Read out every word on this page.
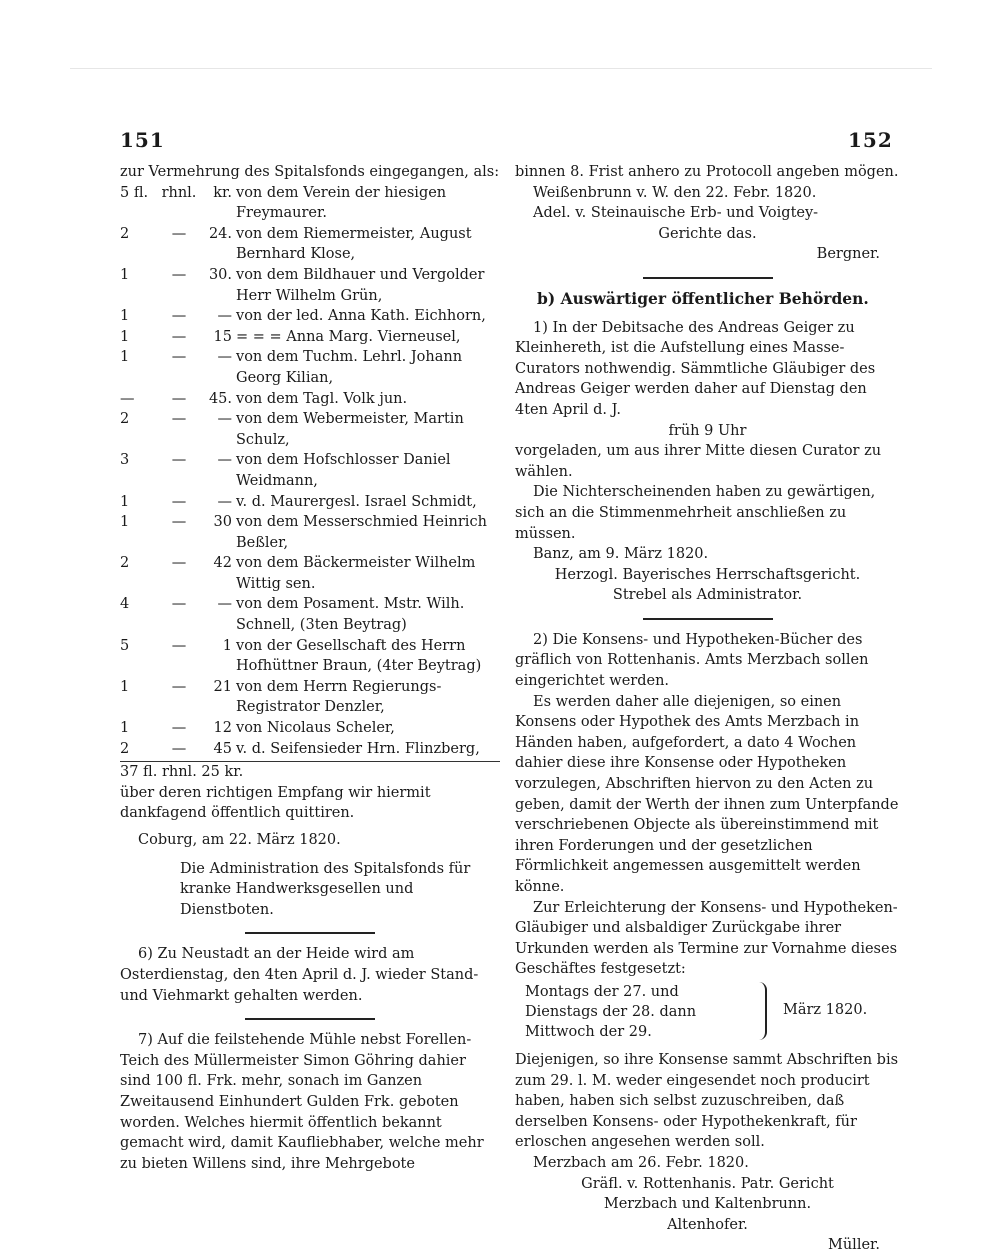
151	152

zur Vermehrung des Spitalsfonds eingegangen, als:

5 fl.	rhnl.	kr.	von dem Verein der hiesigen Freymaurer.
2	—	24.	von dem Riemermeister, August Bernhard Klose,
1	—	30.	von dem Bildhauer und Vergolder Herr Wilhelm Grün,
1	—	—	von der led. Anna Kath. Eichhorn,
1	—	15	= = = Anna Marg. Vierneusel,
1	—	—	von dem Tuchm. Lehrl. Johann Georg Kilian,
—	—	45.	von dem Tagl. Volk jun.
2	—	—	von dem Webermeister, Martin Schulz,
3	—	—	von dem Hofschlosser Daniel Weidmann,
1	—	—	v. d. Maurergesl. Israel Schmidt,
1	—	30	von dem Messerschmied Heinrich Beßler,
2	—	42	von dem Bäckermeister Wilhelm Wittig sen.
4	—	—	von dem Posament. Mstr. Wilh. Schnell, (3ten Beytrag)
5	—	1	von der Gesellschaft des Herrn Hofhüttner Braun, (4ter Beytrag)
1	—	21	von dem Herrn Regierungs-Registrator Denzler,
1	—	12	von Nicolaus Scheler,
2	—	45	v. d. Seifensieder Hrn. Flinzberg,

37 fl. rhnl. 25 kr.

über deren richtigen Empfang wir hiermit dankfagend öffentlich quittiren.

Coburg, am 22. März 1820.

Die Administration des Spitalsfonds für kranke Handwerksgesellen und Dienstboten.

6) Zu Neustadt an der Heide wird am Osterdienstag, den 4ten April d. J. wieder Stand- und Viehmarkt gehalten werden.

7) Auf die feilstehende Mühle nebst Forellen-Teich des Müllermeister Simon Göhring dahier sind 100 fl. Frk. mehr, sonach im Ganzen Zweitausend Einhundert Gulden Frk. geboten worden. Welches hiermit öffentlich bekannt gemacht wird, damit Kaufliebhaber, welche mehr zu bieten Willens sind, ihre Mehrgebote

binnen 8. Frist anhero zu Protocoll angeben mögen.

Weißenbrunn v. W. den 22. Febr. 1820.

Adel. v. Steinauische Erb- und Voigtey-

Gerichte das.

Bergner.

b) Auswärtiger öffentlicher Behörden.

1) In der Debitsache des Andreas Geiger zu Kleinhereth, ist die Aufstellung eines Masse-Curators nothwendig. Sämmtliche Gläubiger des Andreas Geiger werden daher auf Dienstag den 4ten April d. J.

früh 9 Uhr

vorgeladen, um aus ihrer Mitte diesen Curator zu wählen.

Die Nichterscheinenden haben zu gewärtigen, sich an die Stimmenmehrheit anschließen zu müssen.

Banz, am 9. März 1820.

Herzogl. Bayerisches Herrschaftsgericht.

Strebel als Administrator.

2) Die Konsens- und Hypotheken-Bücher des gräflich von Rottenhanis. Amts Merzbach sollen eingerichtet werden.

Es werden daher alle diejenigen, so einen Konsens oder Hypothek des Amts Merzbach in Händen haben, aufgefordert, a dato 4 Wochen dahier diese ihre Konsense oder Hypotheken vorzulegen, Abschriften hiervon zu den Acten zu geben, damit der Werth der ihnen zum Unterpfande verschriebenen Objecte als übereinstimmend mit ihren Forderungen und der gesetzlichen Förmlichkeit angemessen ausgemittelt werden könne.

Zur Erleichterung der Konsens- und Hypotheken-Gläubiger und alsbaldiger Zurückgabe ihrer Urkunden werden als Termine zur Vornahme dieses Geschäftes festgesetzt:

Montags der 27. und
Dienstags der 28. dann
Mittwoch der 29.
März 1820.

Diejenigen, so ihre Konsense sammt Abschriften bis zum 29. l. M. weder eingesendet noch producirt haben, haben sich selbst zuzuschreiben, daß derselben Konsens- oder Hypothekenkraft, für erloschen angesehen werden soll.

Merzbach am 26. Febr. 1820.

Gräfl. v. Rottenhanis. Patr. Gericht

Merzbach und Kaltenbrunn.

Altenhofer.

Müller.
